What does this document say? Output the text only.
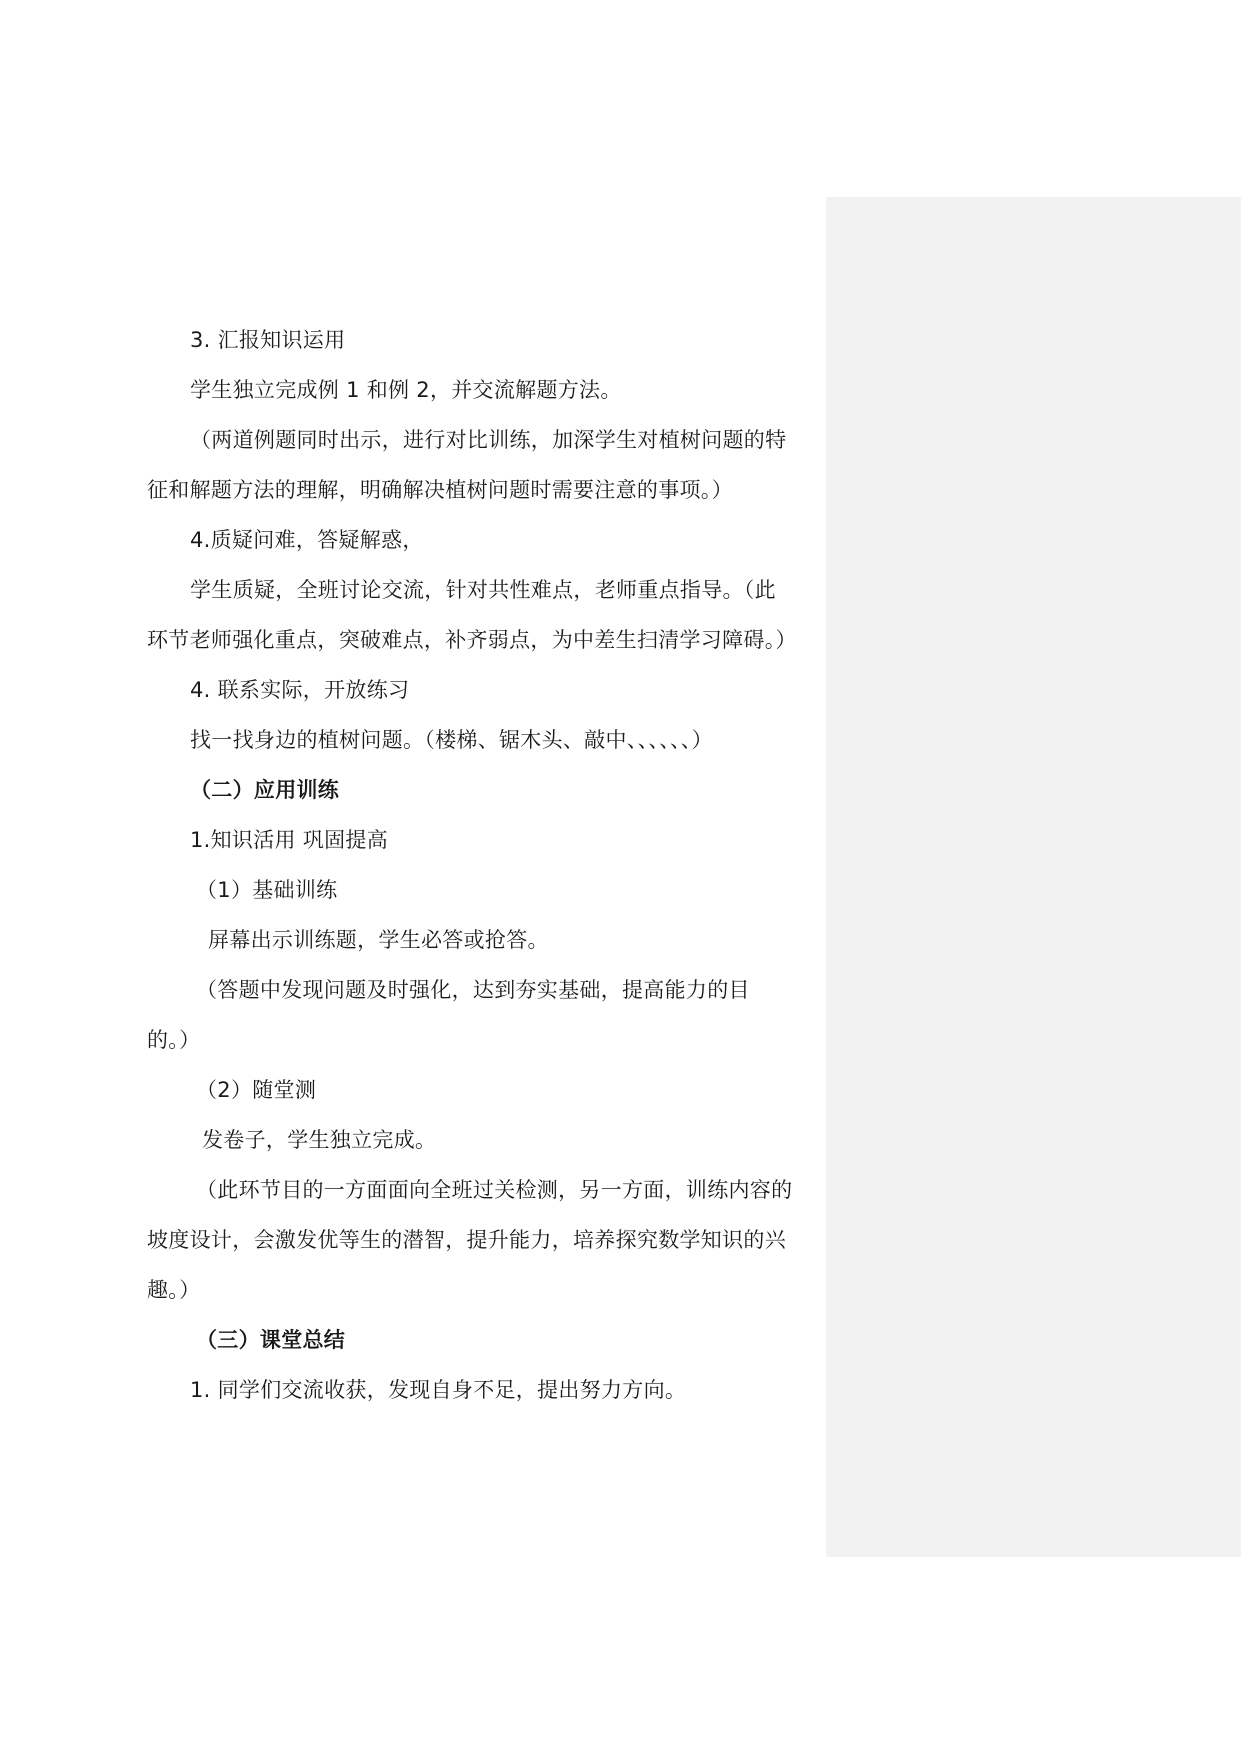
3. 汇报知识运用
学生独立完成例 1 和例 2，并交流解题方法。
（两道例题同时出示，进行对比训练，加深学生对植树问题的特
征和解题方法的理解，明确解决植树问题时需要注意的事项。）
4.质疑问难，答疑解惑，
学生质疑，全班讨论交流，针对共性难点，老师重点指导。（此
环节老师强化重点，突破难点，补齐弱点，为中差生扫清学习障碍。）
4. 联系实际，开放练习
找一找身边的植树问题。（楼梯、锯木头、敲中、、、、、、）
（二）应用训练
1.知识活用 巩固提高
（1）基础训练
屏幕出示训练题，学生必答或抢答。
（答题中发现问题及时强化，达到夯实基础，提高能力的目
的。）
（2）随堂测
发卷子，学生独立完成。
（此环节目的一方面面向全班过关检测，另一方面，训练内容的
坡度设计，会激发优等生的潜智，提升能力，培养探究数学知识的兴
趣。）
（三）课堂总结
1. 同学们交流收获，发现自身不足，提出努力方向。
